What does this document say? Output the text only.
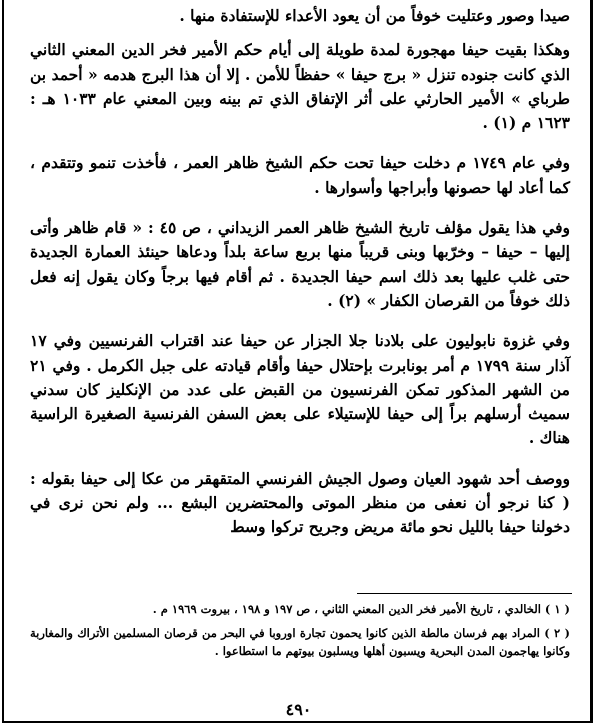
صيدا وصور وعتليت خوفاً من أن يعود الأعداء للإستفادة منها .

وهكذا بقيت حيفا مهجورة لمدة طويلة إلى أيام حكم الأمير فخر الدين المعني الثاني الذي كانت جنوده تنزل « برج حيفا » حفظاً للأمن . إلا أن هذا البرج هدمه « أحمد بن طرباي » الأمير الحارثي على أثر الإتفاق الذي تم بينه وبين المعني عام ١٠٣٣ هـ : ١٦٢٣ م (١) .

وفي عام ١٧٤٩ م دخلت حيفا تحت حكم الشيخ ظاهر العمر ، فأخذت تنمو وتتقدم ، كما أعاد لها حصونها وأبراجها وأسوارها .

وفي هذا يقول مؤلف تاريخ الشيخ ظاهر العمر الزيداني ، ص ٤٥ : « قام ظاهر وأتى إليها – حيفا – وخرّبها وبنى قريباً منها بربع ساعة بلداً ودعاها حينئذ العمارة الجديدة حتى غلب عليها بعد ذلك اسم حيفا الجديدة . ثم أقام فيها برجاً وكان يقول إنه فعل ذلك خوفاً من القرصان الكفار » (٢) .

وفي غزوة نابوليون على بلادنا جلا الجزار عن حيفا عند اقتراب الفرنسيين وفي ١٧ آذار سنة ١٧٩٩ م أمر بونابرت بإحتلال حيفا وأقام قيادته على جبل الكرمل . وفي ٢١ من الشهر المذكور تمكن الفرنسيون من القبض على عدد من الإنكليز كان سدني سميث أرسلهم براً إلى حيفا للإستيلاء على بعض السفن الفرنسية الصغيرة الراسية هناك .

ووصف أحد شهود العيان وصول الجيش الفرنسي المتقهقر من عكا إلى حيفا بقوله : ( كنا نرجو أن نعفى من منظر الموتى والمحتضرين البشع ... ولم نحن نرى في دخولنا حيفا بالليل نحو مائة مريض وجريح تركوا وسط

( ١ ) الخالدي ، تاريخ الأمير فخر الدين المعني الثاني ، ص ١٩٧ و ١٩٨ ، بيروت ١٩٦٩ م .

( ٢ ) المراد بهم فرسان مالطة الذين كانوا يحمون تجارة اوروبا في البحر من قرصان المسلمين الأتراك والمغاربة وكانوا يهاجمون المدن البحرية ويسبون أهلها ويسلبون بيوتهم ما استطاعوا .

٤٩٠
